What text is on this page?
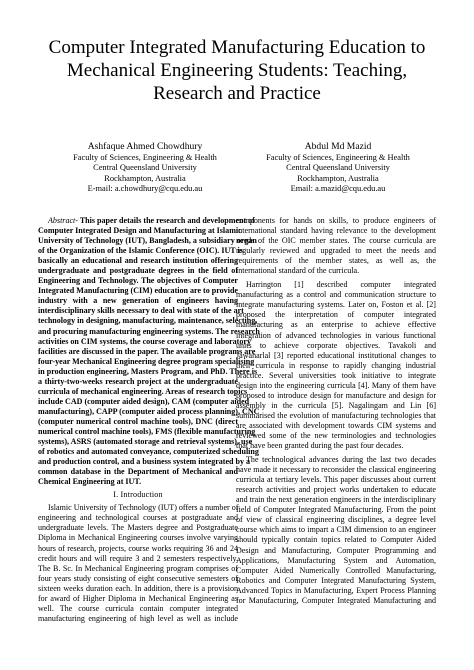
Computer Integrated Manufacturing Education to
Mechanical Engineering Students: Teaching,
Research and Practice
Ashfaque Ahmed Chowdhury
Faculty of Sciences, Engineering & Health
Central Queensland University
Rockhampton, Australia
E-mail: a.chowdhury@cqu.edu.au
Abdul Md Mazid
Faculty of Sciences, Engineering & Health
Central Queensland University
Rockhampton, Australia
Email: a.mazid@cqu.edu.au
Abstract- This paper details the research and development of
Computer Integrated Design and Manufacturing at Islamic
University of Technology (IUT), Bangladesh, a subsidiary organ
of the Organization of the Islamic Conference (OIC). IUT is
basically an educational and research institution offering
undergraduate and postgraduate degrees in the field of
Engineering and Technology. The objectives of Computer
Integrated Manufacturing (CIM) education are to provide
industry with a new generation of engineers having
interdisciplinary skills necessary to deal with state of the art
technology in designing, manufacturing, maintenance, selecting,
and procuring manufacturing engineering systems. The research
activities on CIM systems, the course coverage and laboratory
facilities are discussed in the paper. The available programs are
four-year Mechanical Engineering degree program specialising
in production engineering, Masters Program, and PhD. There is
a thirty-two-weeks research project at the undergraduate
curricula of mechanical engineering. Areas of research topics
include CAD (computer aided design), CAM (computer aided
manufacturing), CAPP (computer aided process planning), CNC
(computer numerical control machine tools), DNC (direct
numerical control machine tools), FMS (flexible manufacturing
systems), ASRS (automated storage and retrieval systems), use
of robotics and automated conveyance, computerized scheduling
and production control, and a business system integrated by a
common database in the Department of Mechanical and
Chemical Engineering at IUT.
I. Introduction
Islamic University of Technology (IUT) offers a number of
engineering and technological courses at postgraduate and
undergraduate levels. The Masters degree and Postgraduate
Diploma in Mechanical Engineering courses involve varying
hours of research, projects, course works requiring 36 and 24
credit hours and will require 3 and 2 semesters respectively.
The B. Sc. In Mechanical Engineering program comprises of
four years study consisting of eight consecutive semesters of
sixteen weeks duration each. In addition, there is a provision
for award of Higher Diploma in Mechanical Engineering as
well. The course curricula contain computer integrated
manufacturing engineering of high level as well as include
components for hands on skills, to produce engineers of
international standard having relevance to the development
needs of the OIC member states. The course curricula are
regularly reviewed and upgraded to meet the needs and
requirements of the member states, as well as, the
international standard of the curricula.
Harrington [1] described computer integrated
manufacturing as a control and communication structure to
integrate manufacturing systems. Later on, Foston et al. [2]
proposed the interpretation of computer integrated
manufacturing as an enterprise to achieve effective
integration of advanced technologies in various functional
units to achieve corporate objectives. Tavakoli and
Jawaharlal [3] reported educational institutional changes to
their curricula in response to rapidly changing industrial
practice. Several universities took initiative to integrate
design into the engineering curricula [4]. Many of them have
proposed to introduce design for manufacture and design for
assembly in the curricula [5]. Nagalingam and Lin [6]
summarised the evolution of manufacturing technologies that
are associated with development towards CIM systems and
reviewed some of the new terminologies and technologies
that have been granted during the past four decades.
The technological advances during the last two decades
have made it necessary to reconsider the classical engineering
curricula at tertiary levels. This paper discusses about current
research activities and project works undertaken to educate
and train the next generation engineers in the interdisciplinary
field of Computer Integrated Manufacturing. From the point
of view of classical engineering disciplines, a degree level
course which aims to impart a CIM dimension to an engineer
should typically contain topics related to Computer Aided
Design and Manufacturing, Computer Programming and
Applications, Manufacturing System and Automation,
Computer Aided Numerically Controlled Manufacturing,
Robotics and Computer Integrated Manufacturing System,
Advanced Topics in Manufacturing, Expert Process Planning
for Manufacturing, Computer Integrated Manufacturing and
